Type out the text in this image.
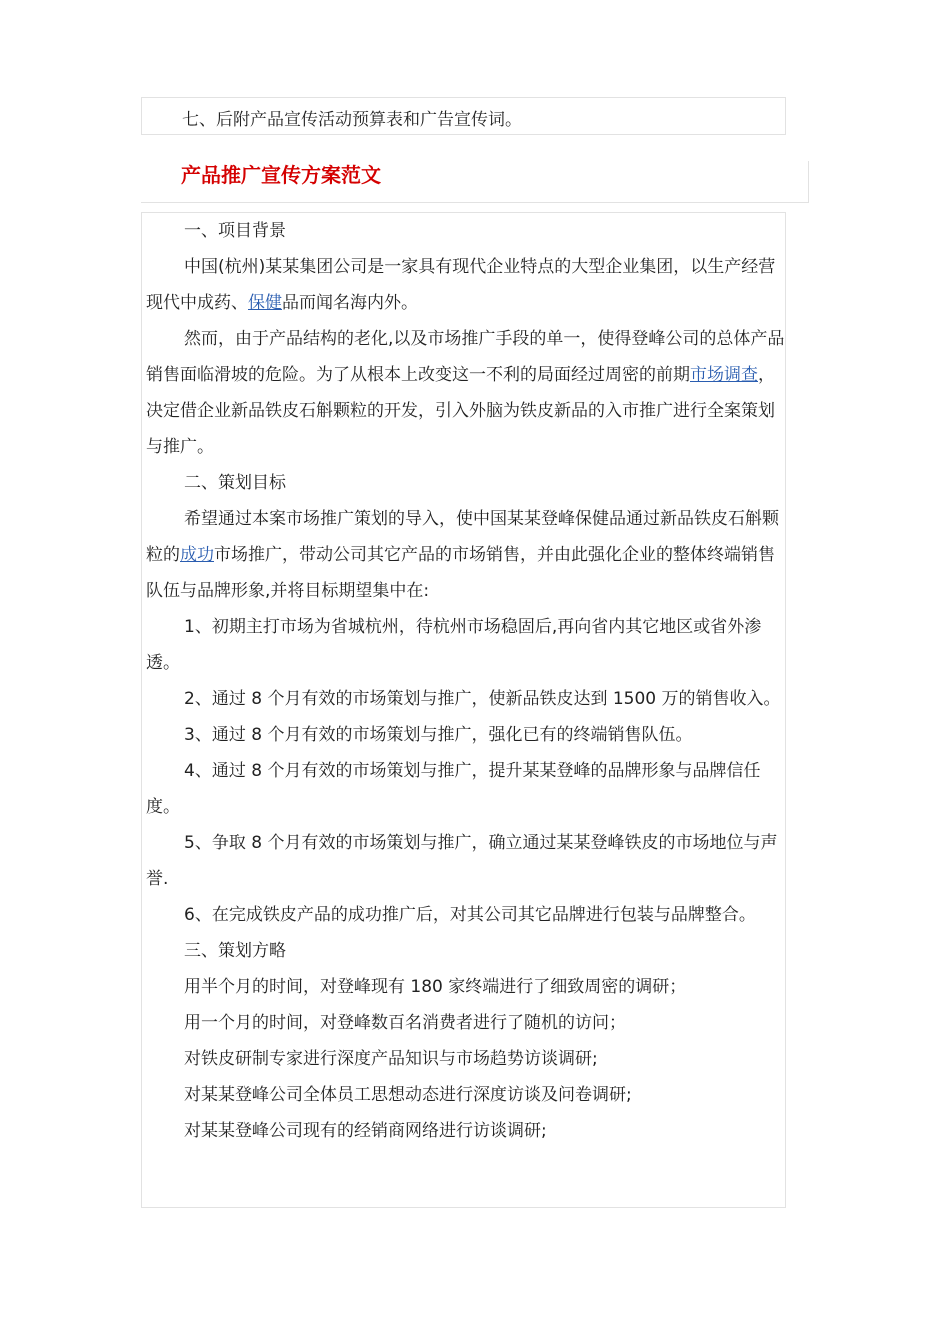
七、后附产品宣传活动预算表和广告宣传词。
产品推广宣传方案范文

一、项目背景

中国(杭州)某某集团公司是一家具有现代企业特点的大型企业集团，以生产经营现代中成药、保健品而闻名海内外。

然而，由于产品结构的老化,以及市场推广手段的单一，使得登峰公司的总体产品销售面临滑坡的危险。为了从根本上改变这一不利的局面经过周密的前期市场调查，决定借企业新品铁皮石斛颗粒的开发，引入外脑为铁皮新品的入市推广进行全案策划与推广。

二、策划目标

希望通过本案市场推广策划的导入，使中国某某登峰保健品通过新品铁皮石斛颗粒的成功市场推广，带动公司其它产品的市场销售，并由此强化企业的整体终端销售队伍与品牌形象,并将目标期望集中在:

1、初期主打市场为省城杭州，待杭州市场稳固后,再向省内其它地区或省外渗透。

2、通过 8 个月有效的市场策划与推广，使新品铁皮达到 1500 万的销售收入。

3、通过 8 个月有效的市场策划与推广，强化已有的终端销售队伍。

4、通过 8 个月有效的市场策划与推广，提升某某登峰的品牌形象与品牌信任度。

5、争取 8 个月有效的市场策划与推广，确立通过某某登峰铁皮的市场地位与声誉.

6、在完成铁皮产品的成功推广后，对其公司其它品牌进行包装与品牌整合。

三、策划方略

用半个月的时间，对登峰现有 180 家终端进行了细致周密的调研；

用一个月的时间，对登峰数百名消费者进行了随机的访问；

对铁皮研制专家进行深度产品知识与市场趋势访谈调研;

对某某登峰公司全体员工思想动态进行深度访谈及问卷调研;

对某某登峰公司现有的经销商网络进行访谈调研;
